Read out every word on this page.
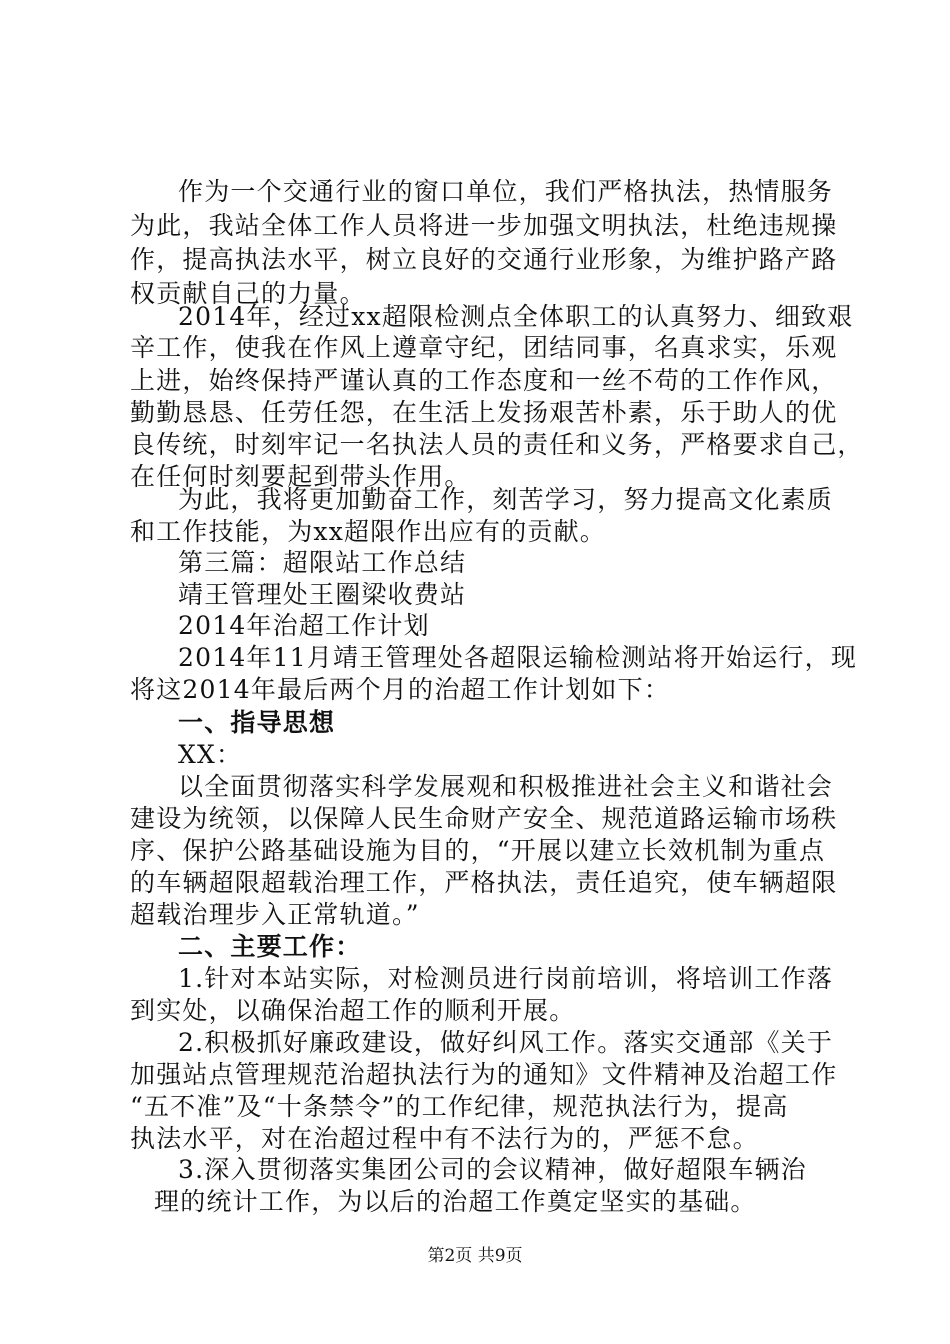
作为一个交通行业的窗口单位，我们严格执法，热情服务
为此，我站全体工作人员将进一步加强文明执法，杜绝违规操
作，提高执法水平，树立良好的交通行业形象，为维护路产路
权贡献自己的力量。
2014年，经过xx超限检测点全体职工的认真努力、细致艰
辛工作，使我在作风上遵章守纪，团结同事，名真求实，乐观
上进，始终保持严谨认真的工作态度和一丝不苟的工作作风，
勤勤恳恳、任劳任怨，在生活上发扬艰苦朴素，乐于助人的优
良传统，时刻牢记一名执法人员的责任和义务，严格要求自己，
在任何时刻要起到带头作用。
为此，我将更加勤奋工作，刻苦学习，努力提高文化素质
和工作技能，为xx超限作出应有的贡献。
第三篇：超限站工作总结
靖王管理处王圈梁收费站
2014年治超工作计划
2014年11月靖王管理处各超限运输检测站将开始运行，现
将这2014年最后两个月的治超工作计划如下：
一、指导思想
XX：
以全面贯彻落实科学发展观和积极推进社会主义和谐社会
建设为统领，以保障人民生命财产安全、规范道路运输市场秩
序、保护公路基础设施为目的，“开展以建立长效机制为重点
的车辆超限超载治理工作，严格执法，责任追究，使车辆超限
超载治理步入正常轨道。”
二、主要工作：
1.针对本站实际，对检测员进行岗前培训，将培训工作落
到实处，以确保治超工作的顺利开展。
2.积极抓好廉政建设，做好纠风工作。落实交通部《关于
加强站点管理规范治超执法行为的通知》文件精神及治超工作
“五不准”及“十条禁令”的工作纪律，规范执法行为，提高
执法水平，对在治超过程中有不法行为的，严惩不怠。
3.深入贯彻落实集团公司的会议精神，做好超限车辆治
理的统计工作，为以后的治超工作奠定坚实的基础。
第2页 共9页
